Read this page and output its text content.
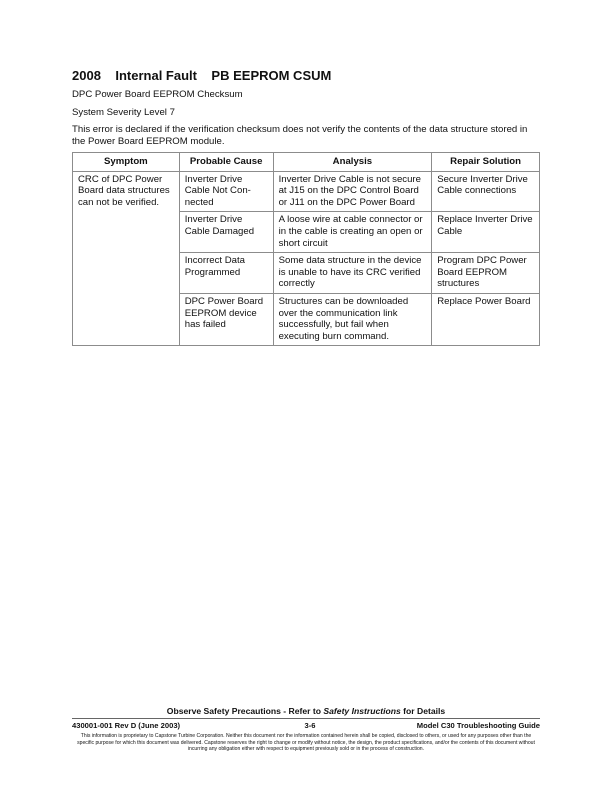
2008    Internal Fault    PB EEPROM CSUM
DPC Power Board EEPROM Checksum
System Severity Level 7
This error is declared if the verification checksum does not verify the contents of the data structure stored in the Power Board EEPROM module.
Symptom	Probable Cause	Analysis	Repair Solution
CRC of DPC Power Board data structures can not be verified.	Inverter Drive Cable Not Con-nected	Inverter Drive Cable is not secure at J15 on the DPC Control Board or J11 on the DPC Power Board	Secure Inverter Drive Cable connections
	Inverter Drive Cable Damaged	A loose wire at cable connector or in the cable is creating an open or short circuit	Replace Inverter Drive Cable
	Incorrect Data Programmed	Some data structure in the device is unable to have its CRC verified correctly	Program DPC Power Board EEPROM structures
	DPC Power Board EEPROM device has failed	Structures can be downloaded over the communication link successfully, but fail when executing burn command.	Replace Power Board
Observe Safety Precautions - Refer to Safety Instructions for Details
430001-001 Rev D (June 2003)	3-6	Model C30 Troubleshooting Guide
This information is proprietary to Capstone Turbine Corporation. Neither this document nor the information contained herein shall be copied, disclosed to others, or used for any purposes other than the specific purpose for which this document was delivered. Capstone reserves the right to change or modify without notice, the design, the product specifications, and/or the contents of this document without incurring any obligation either with respect to equipment previously sold or in the process of construction.
